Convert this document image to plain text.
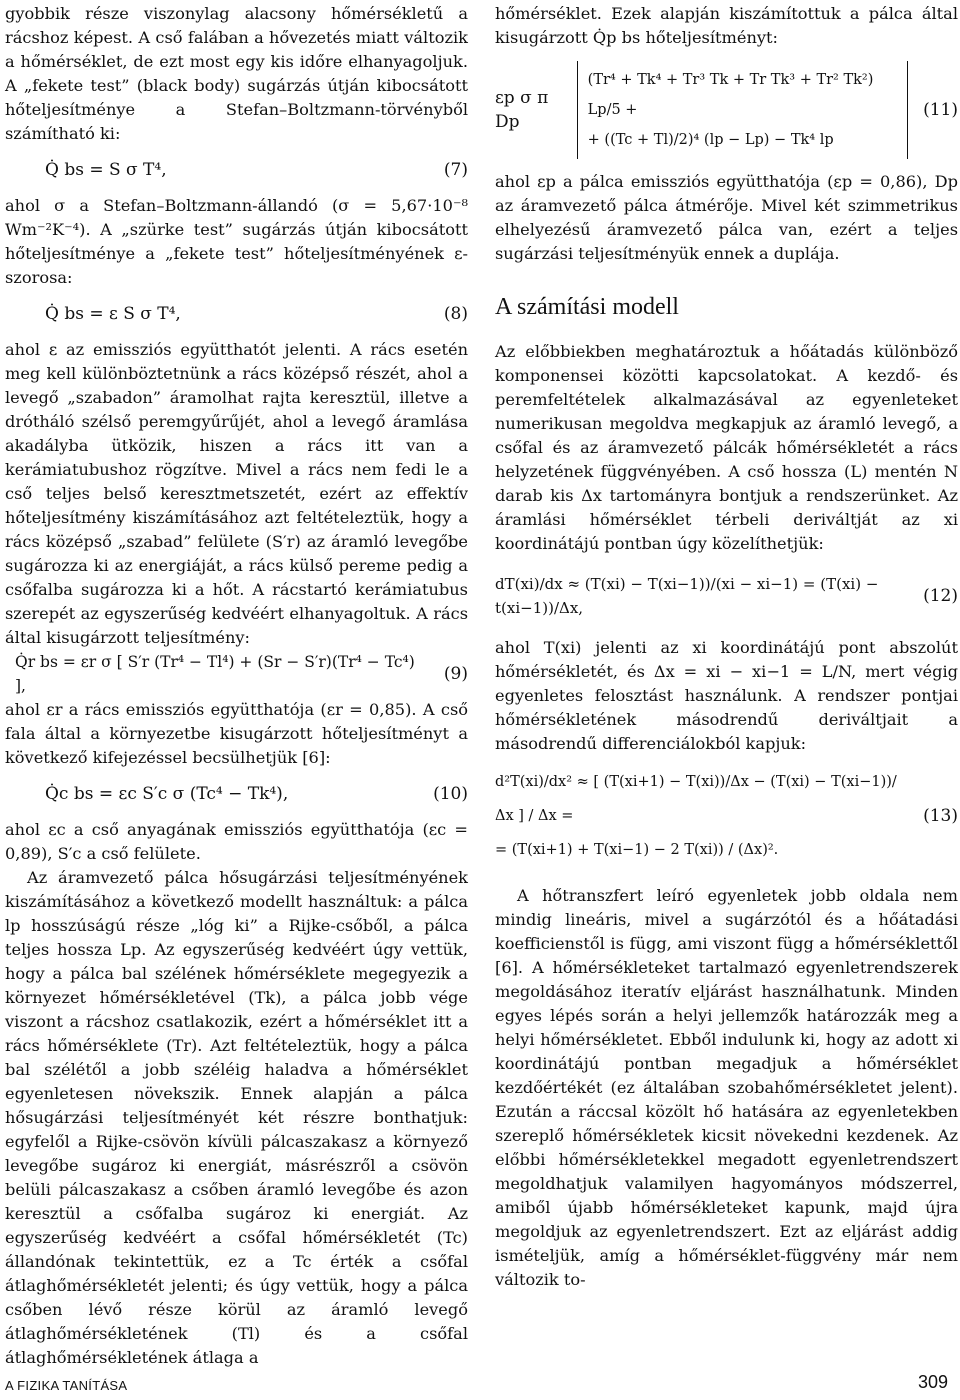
gyobbik része viszonylag alacsony hőmérsékletű a rácshoz képest. A cső falában a hővezetés miatt változik a hőmérséklet, de ezt most egy kis időre elhanyagoljuk. A „fekete test” (black body) sugárzás útján kibocsátott hőteljesítménye a Stefan–Boltzmann-törvényből számítható ki:

Q̇ bs = S σ T⁴,	(7)

ahol σ a Stefan–Boltzmann-állandó (σ = 5,67·10⁻⁸ Wm⁻²K⁻⁴). A „szürke test” sugárzás útján kibocsátott hőteljesítménye a „fekete test” hőteljesítményének ε-szorosa:

Q̇ bs = ε S σ T⁴,	(8)

ahol ε az emissziós együtthatót jelenti. A rács esetén meg kell különböztetnünk a rács középső részét, ahol a levegő „szabadon” áramolhat rajta keresztül, illetve a drótháló szélső peremgyűrűjét, ahol a levegő áramlása akadályba ütközik, hiszen a rács itt van a kerámiatubushoz rögzítve. Mivel a rács nem fedi le a cső teljes belső keresztmetszetét, ezért az effektív hőteljesítmény kiszámításához azt feltételeztük, hogy a rács középső „szabad” felülete (S′r) az áramló levegőbe sugározza ki az energiáját, a rács külső pereme pedig a csőfalba sugározza ki a hőt. A rácstartó kerámiatubus szerepét az egyszerűség kedvéért elhanyagoltuk. A rács által kisugárzott teljesítmény:

Q̇r bs = εr σ [ S′r (Tr⁴ − Tl⁴) + (Sr − S′r)(Tr⁴ − Tc⁴) ],
(9)

ahol εr a rács emissziós együtthatója (εr = 0,85). A cső fala által a környezetbe kisugárzott hőteljesítményt a következő kifejezéssel becsülhetjük [6]:

Q̇c bs = εc S′c σ (Tc⁴ − Tk⁴),	(10)

ahol εc a cső anyagának emissziós együtthatója (εc = 0,89), S′c a cső felülete.

Az áramvezető pálca hősugárzási teljesítményének kiszámításához a következő modellt használtuk: a pálca lp hosszúságú része „lóg ki” a Rijke-csőből, a pálca teljes hossza Lp. Az egyszerűség kedvéért úgy vettük, hogy a pálca bal szélének hőmérséklete megegyezik a környezet hőmérsékletével (Tk), a pálca jobb vége viszont a rácshoz csatlakozik, ezért a hőmérséklet itt a rács hőmérséklete (Tr). Azt feltételeztük, hogy a pálca bal szélétől a jobb széléig haladva a hőmérséklet egyenletesen növekszik. Ennek alapján a pálca hősugárzási teljesítményét két részre bonthatjuk: egyfelől a Rijke-csövön kívüli pálcaszakasz a környező levegőbe sugároz ki energiát, másrészről a csövön belüli pálcaszakasz a csőben áramló levegőbe és azon keresztül a csőfalba sugároz ki energiát. Az egyszerűség kedvéért a csőfal hőmérsékletét (Tc) állandónak tekintettük, ez a Tc érték a csőfal átlaghőmérsékletét jelenti; és úgy vettük, hogy a pálca csőben lévő része körül az áramló levegő átlaghőmérsékletének (Tl) és a csőfal átlaghőmérsékletének átlaga a

hőmérséklet. Ezek alapján kiszámítottuk a pálca által kisugárzott Q̇p bs hőteljesítményt:

εp σ π Dp
(Tr⁴ + Tk⁴ + Tr³ Tk + Tr Tk³ + Tr² Tk²) Lp/5 +
+ ((Tc + Tl)/2)⁴ (lp − Lp) − Tk⁴ lp
(11)

ahol εp a pálca emissziós együtthatója (εp = 0,86), Dp az áramvezető pálca átmérője. Mivel két szimmetrikus elhelyezésű áramvezető pálca van, ezért a teljes sugárzási teljesítményük ennek a duplája.

A számítási modell

Az előbbiekben meghatároztuk a hőátadás különböző komponensei közötti kapcsolatokat. A kezdő- és peremfeltételek alkalmazásával az egyenleteket numerikusan megoldva megkapjuk az áramló levegő, a csőfal és az áramvezető pálcák hőmérsékletét a rács helyzetének függvényében. A cső hossza (L) mentén N darab kis Δx tartományra bontjuk a rendszerünket. Az áramlási hőmérséklet térbeli deriváltját az xi koordinátájú pontban úgy közelíthetjük:

dT(xi)/dx ≈ (T(xi) − T(xi−1))/(xi − xi−1) = (T(xi) − t(xi−1))/Δx,
(12)

ahol T(xi) jelenti az xi koordinátájú pont abszolút hőmérsékletét, és Δx = xi − xi−1 = L/N, mert végig egyenletes felosztást használunk. A rendszer pontjai hőmérsékletének másodrendű deriváltjait a másodrendű differenciálokból kapjuk:

d²T(xi)/dx² ≈ [ (T(xi+1) − T(xi))/Δx − (T(xi) − T(xi−1))/Δx ] / Δx =
= (T(xi+1) + T(xi−1) − 2 T(xi)) / (Δx)².
(13)

A hőtranszfert leíró egyenletek jobb oldala nem mindig lineáris, mivel a sugárzótól és a hőátadási koefficienstől is függ, ami viszont függ a hőmérséklettől [6]. A hőmérsékleteket tartalmazó egyenletrendszerek megoldásához iteratív eljárást használhatunk. Minden egyes lépés során a helyi jellemzők határozzák meg a helyi hőmérsékletet. Ebből indulunk ki, hogy az adott xi koordinátájú pontban megadjuk a hőmérséklet kezdőértékét (ez általában szobahőmérsékletet jelent). Ezután a ráccsal közölt hő hatására az egyenletekben szereplő hőmérsékletek kicsit növekedni kezdenek. Az előbbi hőmérsékletekkel megadott egyenletrendszert megoldhatjuk valamilyen hagyományos módszerrel, amiből újabb hőmérsékleteket kapunk, majd újra megoldjuk az egyenletrendszert. Ezt az eljárást addig ismételjük, amíg a hőmérséklet-függvény már nem változik to-

A FIZIKA TANÍTÁSA	309
